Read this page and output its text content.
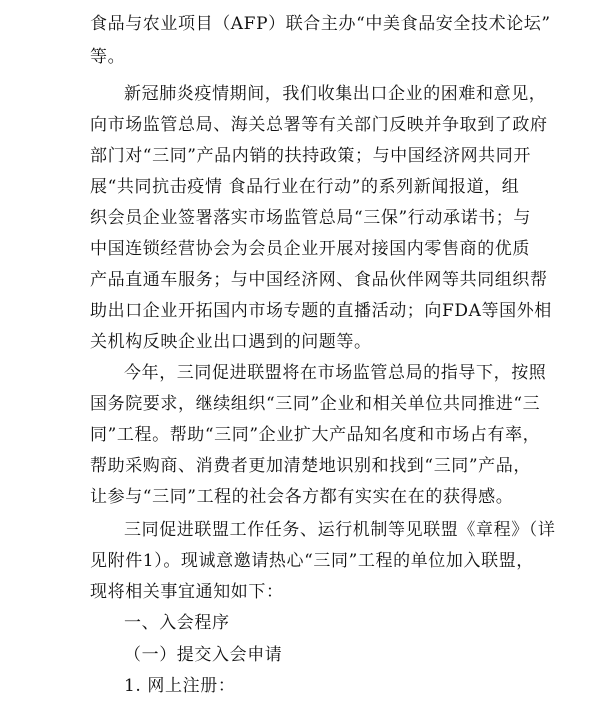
食品与农业项目（AFP）联合主办“中美食品安全技术论坛”
等。
新冠肺炎疫情期间，我们收集出口企业的困难和意见，
向市场监管总局、海关总署等有关部门反映并争取到了政府
部门对“三同”产品内销的扶持政策；与中国经济网共同开
展“共同抗击疫情 食品行业在行动”的系列新闻报道，组
织会员企业签署落实市场监管总局“三保”行动承诺书；与
中国连锁经营协会为会员企业开展对接国内零售商的优质
产品直通车服务；与中国经济网、食品伙伴网等共同组织帮
助出口企业开拓国内市场专题的直播活动；向FDA等国外相
关机构反映企业出口遇到的问题等。
今年，三同促进联盟将在市场监管总局的指导下，按照
国务院要求，继续组织“三同”企业和相关单位共同推进“三
同”工程。帮助“三同”企业扩大产品知名度和市场占有率，
帮助采购商、消费者更加清楚地识别和找到“三同”产品，
让参与“三同”工程的社会各方都有实实在在的获得感。
三同促进联盟工作任务、运行机制等见联盟《章程》（详
见附件1）。现诚意邀请热心“三同”工程的单位加入联盟，
现将相关事宜通知如下：
一、入会程序
（一）提交入会申请
1. 网上注册：
